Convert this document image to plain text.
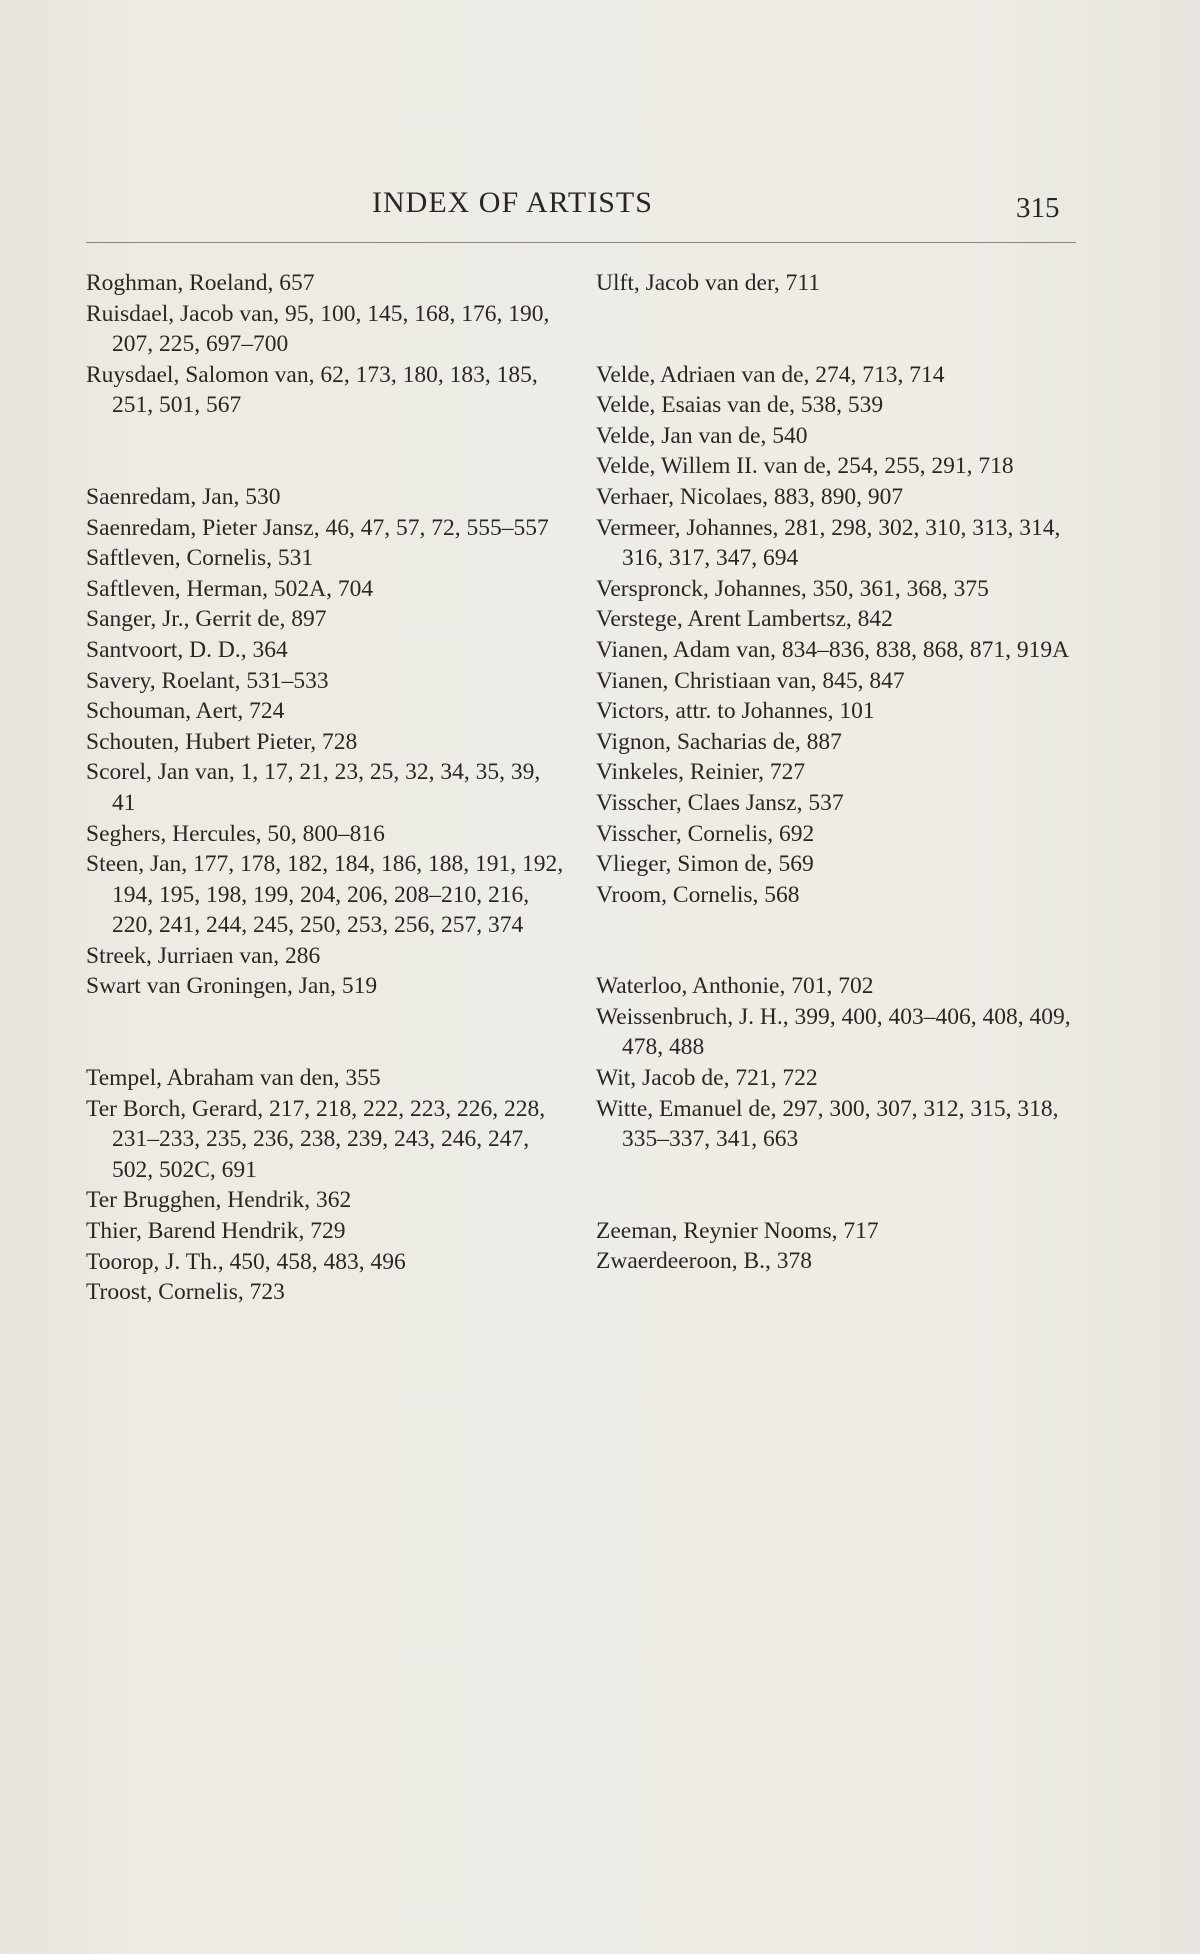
INDEX OF ARTISTS	315
Roghman, Roeland, 657
Ruisdael, Jacob van, 95, 100, 145, 168, 176, 190, 207, 225, 697–700
Ruysdael, Salomon van, 62, 173, 180, 183, 185, 251, 501, 567
Saenredam, Jan, 530
Saenredam, Pieter Jansz, 46, 47, 57, 72, 555–557
Saftleven, Cornelis, 531
Saftleven, Herman, 502A, 704
Sanger, Jr., Gerrit de, 897
Santvoort, D. D., 364
Savery, Roelant, 531–533
Schouman, Aert, 724
Schouten, Hubert Pieter, 728
Scorel, Jan van, 1, 17, 21, 23, 25, 32, 34, 35, 39, 41
Seghers, Hercules, 50, 800–816
Steen, Jan, 177, 178, 182, 184, 186, 188, 191, 192, 194, 195, 198, 199, 204, 206, 208–210, 216, 220, 241, 244, 245, 250, 253, 256, 257, 374
Streek, Jurriaen van, 286
Swart van Groningen, Jan, 519
Tempel, Abraham van den, 355
Ter Borch, Gerard, 217, 218, 222, 223, 226, 228, 231–233, 235, 236, 238, 239, 243, 246, 247, 502, 502C, 691
Ter Brugghen, Hendrik, 362
Thier, Barend Hendrik, 729
Toorop, J. Th., 450, 458, 483, 496
Troost, Cornelis, 723
Ulft, Jacob van der, 711
Velde, Adriaen van de, 274, 713, 714
Velde, Esaias van de, 538, 539
Velde, Jan van de, 540
Velde, Willem II. van de, 254, 255, 291, 718
Verhaer, Nicolaes, 883, 890, 907
Vermeer, Johannes, 281, 298, 302, 310, 313, 314, 316, 317, 347, 694
Verspronck, Johannes, 350, 361, 368, 375
Verstege, Arent Lambertsz, 842
Vianen, Adam van, 834–836, 838, 868, 871, 919A
Vianen, Christiaan van, 845, 847
Victors, attr. to Johannes, 101
Vignon, Sacharias de, 887
Vinkeles, Reinier, 727
Visscher, Claes Jansz, 537
Visscher, Cornelis, 692
Vlieger, Simon de, 569
Vroom, Cornelis, 568
Waterloo, Anthonie, 701, 702
Weissenbruch, J. H., 399, 400, 403–406, 408, 409, 478, 488
Wit, Jacob de, 721, 722
Witte, Emanuel de, 297, 300, 307, 312, 315, 318, 335–337, 341, 663
Zeeman, Reynier Nooms, 717
Zwaerdeeroon, B., 378
